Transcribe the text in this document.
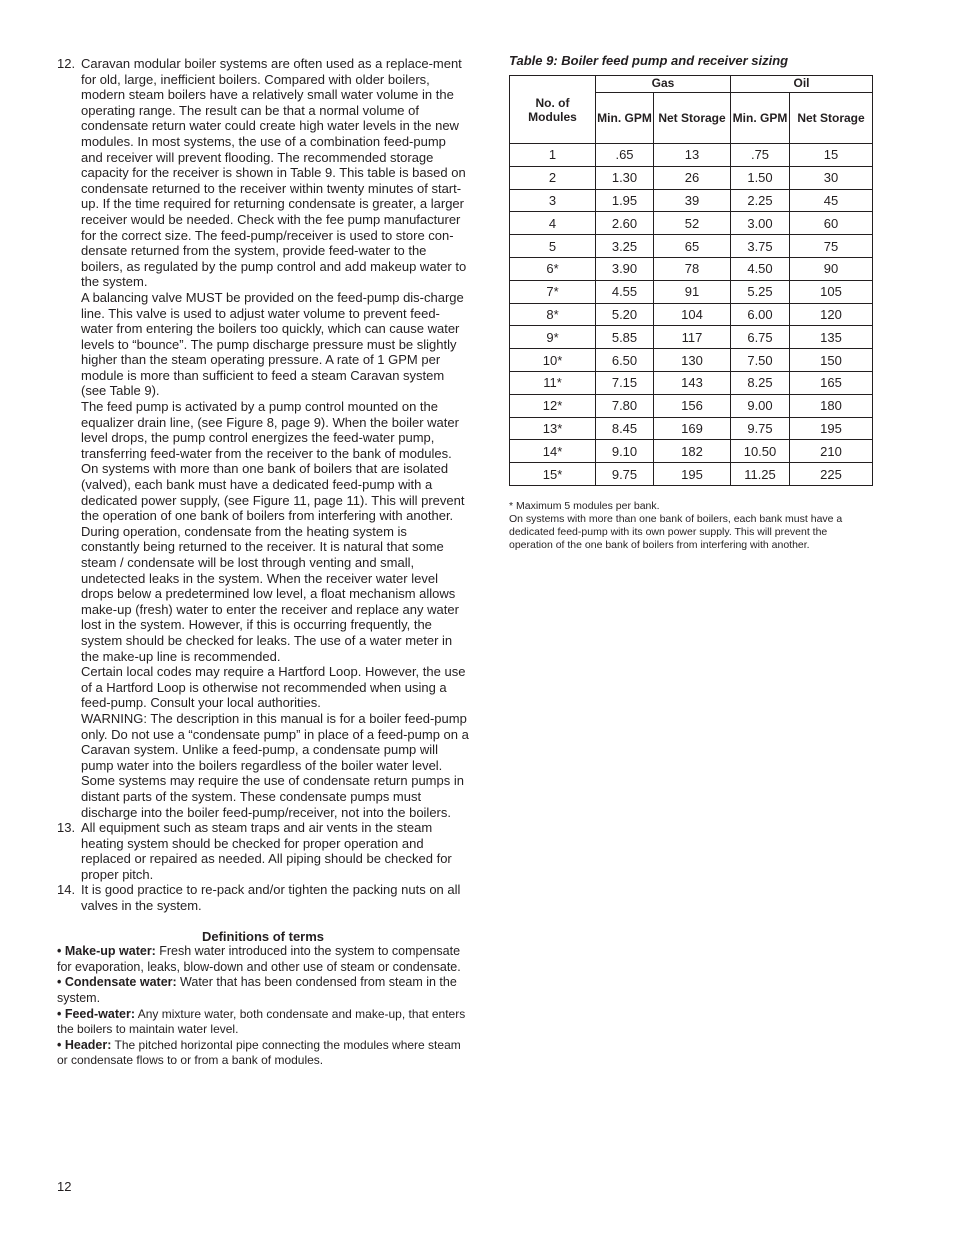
12. Caravan modular boiler systems are often used as a replace-ment for old, large, inefficient boilers. Compared with older boilers, modern steam boilers have a relatively small water volume in the operating range. The result can be that a normal volume of condensate return water could create high water levels in the new modules. In most systems, the use of a combination feed-pump and receiver will prevent flooding. The recommended storage capacity for the receiver is shown in Table 9. This table is based on condensate returned to the receiver within twenty minutes of start-up. If the time required for returning condensate is greater, a larger receiver would be needed. Check with the fee pump manufacturer for the correct size. The feed-pump/receiver is used to store con-densate returned from the system, provide feed-water to the boilers, as regulated by the pump control and add makeup water to the system.

A balancing valve MUST be provided on the feed-pump dis-charge line. This valve is used to adjust water volume to prevent feed-water from entering the boilers too quickly, which can cause water levels to “bounce”. The pump discharge pressure must be slightly higher than the steam operating pressure. A rate of 1 GPM per module is more than sufficient to feed a steam Caravan system (see Table 9).

The feed pump is activated by a pump control mounted on the equalizer drain line, (see Figure 8, page 9). When the boiler water level drops, the pump control energizes the feed-water pump, transferring feed-water from the receiver to the bank of modules. On systems with more than one bank of boilers that are isolated (valved), each bank must have a dedicated feed-pump with a dedicated power supply, (see Figure 11, page 11). This will prevent the operation of one bank of boilers from interfering with another.

During operation, condensate from the heating system is constantly being returned to the receiver. It is natural that some steam / condensate will be lost through venting and small, undetected leaks in the system. When the receiver water level drops below a predetermined low level, a float mechanism allows make-up (fresh) water to enter the receiver and replace any water lost in the system. However, if this is occurring frequently, the system should be checked for leaks. The use of a water meter in the make-up line is recommended.

Certain local codes may require a Hartford Loop. However, the use of a Hartford Loop is otherwise not recommended when using a feed-pump. Consult your local authorities.

WARNING: The description in this manual is for a boiler feed-pump only. Do not use a “condensate pump” in place of a feed-pump on a Caravan system. Unlike a feed-pump, a condensate pump will pump water into the boilers regardless of the boiler water level. Some systems may require the use of condensate return pumps in distant parts of the system. These condensate pumps must discharge into the boiler feed-pump/receiver, not into the boilers.

13. All equipment such as steam traps and air vents in the steam heating system should be checked for proper operation and replaced or repaired as needed. All piping should be checked for proper pitch.

14. It is good practice to re-pack and/or tighten the packing nuts on all valves in the system.

Definitions of terms

• Make-up water: Fresh water introduced into the system to compensate for evaporation, leaks, blow-down and other use of steam or condensate.

• Condensate water: Water that has been condensed from steam in the system.

• Feed-water: Any mixture water, both condensate and make-up, that enters the boilers to maintain water level.

• Header: The pitched horizontal pipe connecting the modules where steam or condensate flows to or from a bank of modules.

12

Table 9: Boiler feed pump and receiver sizing

No. of Modules	Gas		Oil	
	Min. GPM	Net Storage	Min. GPM	Net Storage
1	.65	13	.75	15
2	1.30	26	1.50	30
3	1.95	39	2.25	45
4	2.60	52	3.00	60
5	3.25	65	3.75	75
6*	3.90	78	4.50	90
7*	4.55	91	5.25	105
8*	5.20	104	6.00	120
9*	5.85	117	6.75	135
10*	6.50	130	7.50	150
11*	7.15	143	8.25	165
12*	7.80	156	9.00	180
13*	8.45	169	9.75	195
14*	9.10	182	10.50	210
15*	9.75	195	11.25	225

* Maximum 5 modules per bank.

On systems with more than one bank of boilers, each bank must have a dedicated feed-pump with its own power supply. This will prevent the operation of the one bank of boilers from interfering with another.
